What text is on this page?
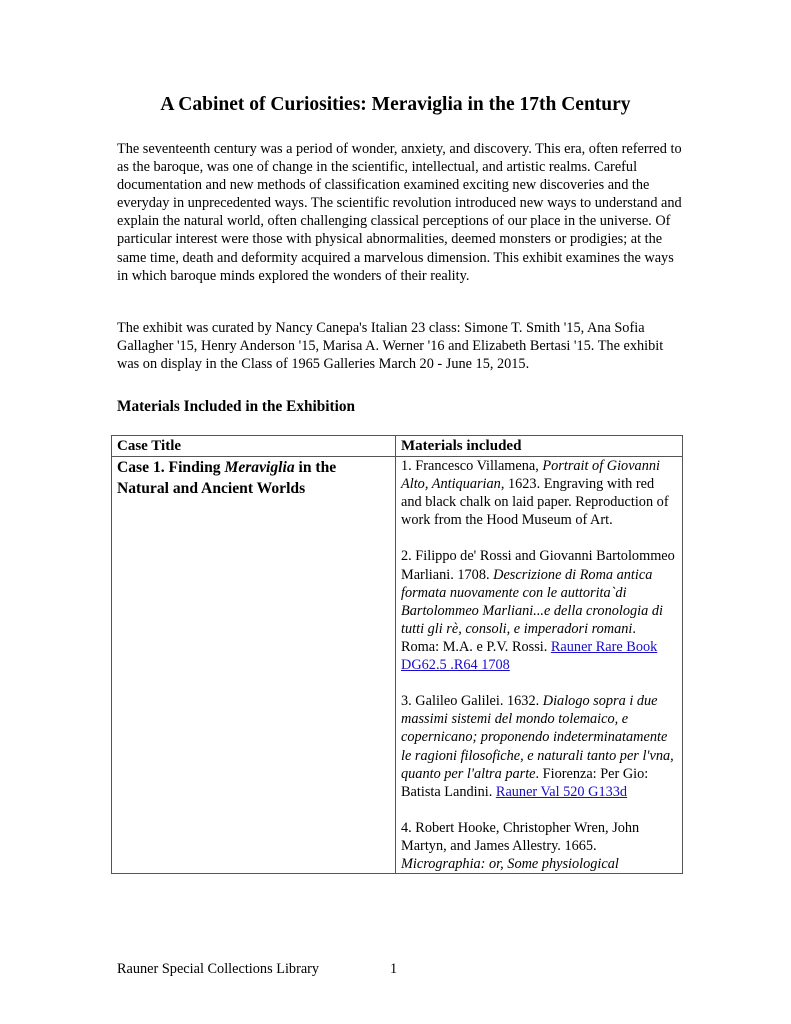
A Cabinet of Curiosities: Meraviglia in the 17th Century

The seventeenth century was a period of wonder, anxiety, and discovery. This era, often referred to as the baroque, was one of change in the scientific, intellectual, and artistic realms. Careful documentation and new methods of classification examined exciting new discoveries and the everyday in unprecedented ways. The scientific revolution introduced new ways to understand and explain the natural world, often challenging classical perceptions of our place in the universe. Of particular interest were those with physical abnormalities, deemed monsters or prodigies; at the same time, death and deformity acquired a marvelous dimension. This exhibit examines the ways in which baroque minds explored the wonders of their reality.

The exhibit was curated by Nancy Canepa's Italian 23 class: Simone T. Smith '15, Ana Sofia Gallagher '15, Henry Anderson '15, Marisa A. Werner '16 and Elizabeth Bertasi '15. The exhibit was on display in the Class of 1965 Galleries March 20 - June 15, 2015.

Materials Included in the Exhibition
Case Title	Materials included
Case 1. Finding Meraviglia in the Natural and Ancient Worlds	1. Francesco Villamena, Portrait of Giovanni Alto, Antiquarian, 1623. Engraving with red and black chalk on laid paper. Reproduction of work from the Hood Museum of Art.

2. Filippo de' Rossi and Giovanni Bartolommeo Marliani. 1708. Descrizione di Roma antica formata nuovamente con le auttorita`di Bartolommeo Marliani...e della cronologia di tutti gli rè, consoli, e imperadori romani. Roma: M.A. e P.V. Rossi. Rauner Rare Book DG62.5 .R64 1708

3. Galileo Galilei. 1632. Dialogo sopra i due massimi sistemi del mondo tolemaico, e copernicano; proponendo indeterminatamente le ragioni filosofiche, e naturali tanto per l'vna, quanto per l'altra parte. Fiorenza: Per Gio: Batista Landini. Rauner Val 520 G133d

4. Robert Hooke, Christopher Wren, John Martyn, and James Allestry. 1665. Micrographia: or, Some physiological

Rauner Special Collections Library	1
